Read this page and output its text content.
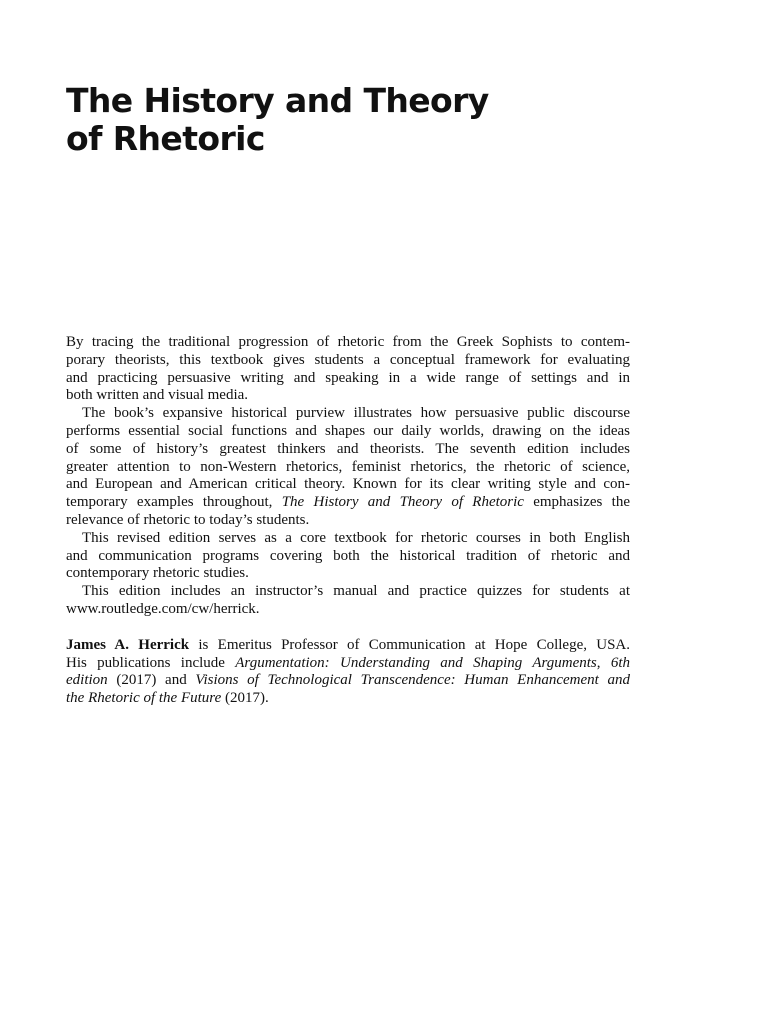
The History and Theory
of Rhetoric

By tracing the traditional progression of rhetoric from the Greek Sophists to contem-
porary theorists, this textbook gives students a conceptual framework for evaluating
and practicing persuasive writing and speaking in a wide range of settings and in
both written and visual media.

The book’s expansive historical purview illustrates how persuasive public discourse
performs essential social functions and shapes our daily worlds, drawing on the ideas
of some of history’s greatest thinkers and theorists. The seventh edition includes
greater attention to non-Western rhetorics, feminist rhetorics, the rhetoric of science,
and European and American critical theory. Known for its clear writing style and con-
temporary examples throughout, The History and Theory of Rhetoric emphasizes the
relevance of rhetoric to today’s students.

This revised edition serves as a core textbook for rhetoric courses in both English
and communication programs covering both the historical tradition of rhetoric and
contemporary rhetoric studies.

This edition includes an instructor’s manual and practice quizzes for students at
www.routledge.com/cw/herrick.

James A. Herrick is Emeritus Professor of Communication at Hope College, USA.
His publications include Argumentation: Understanding and Shaping Arguments, 6th
edition (2017) and Visions of Technological Transcendence: Human Enhancement and
the Rhetoric of the Future (2017).
